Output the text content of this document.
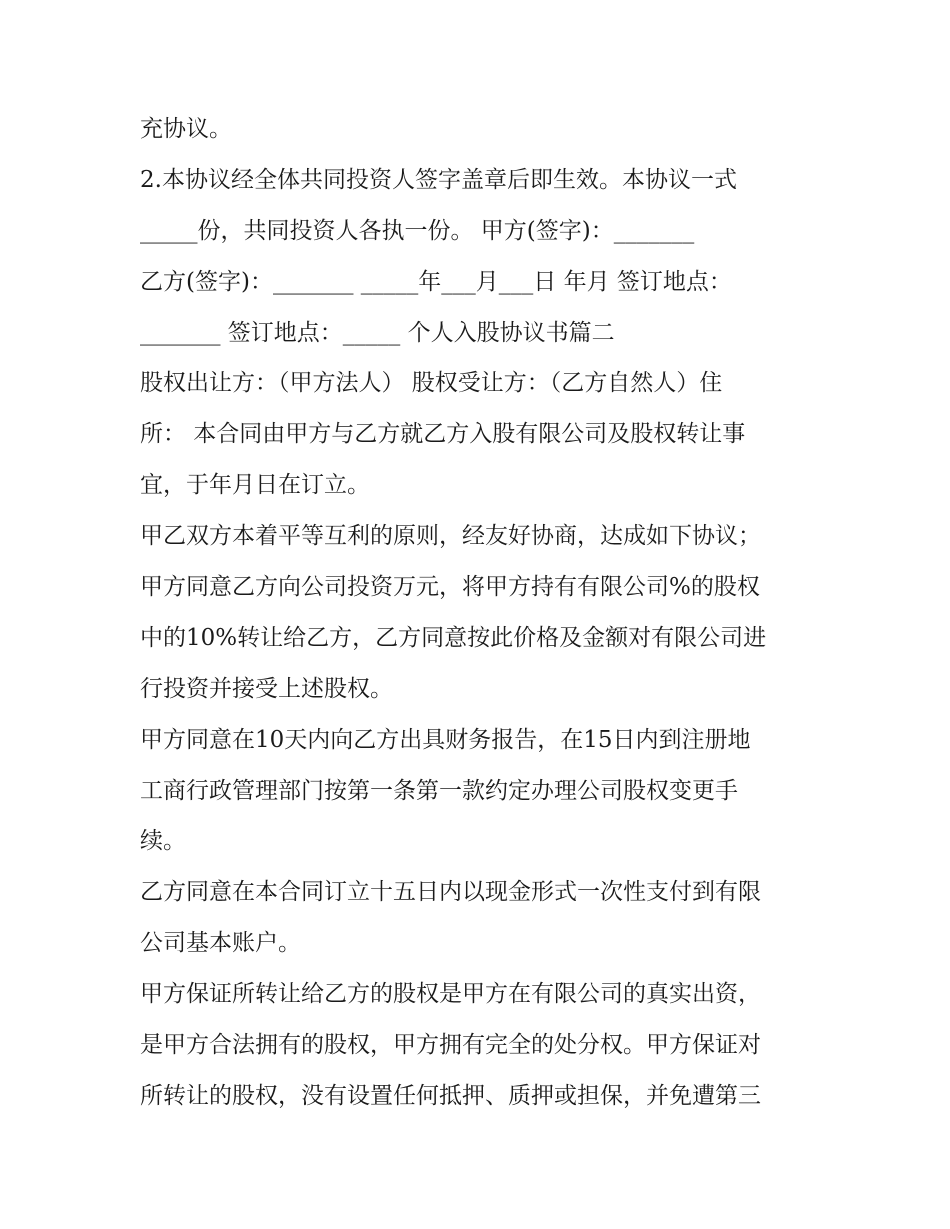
充协议。
2.本协议经全体共同投资人签字盖章后即生效。本协议一式
_____份，共同投资人各执一份。 甲方(签字)：_______
乙方(签字)：_______ _____年___月___日 年月 签订地点：
_______ 签订地点：_____ 个人入股协议书篇二
股权出让方：（甲方法人） 股权受让方：（乙方自然人）住
所： 本合同由甲方与乙方就乙方入股有限公司及股权转让事
宜，于年月日在订立。
甲乙双方本着平等互利的原则，经友好协商，达成如下协议；
甲方同意乙方向公司投资万元，将甲方持有有限公司%的股权
中的10%转让给乙方，乙方同意按此价格及金额对有限公司进
行投资并接受上述股权。
甲方同意在10天内向乙方出具财务报告，在15日内到注册地
工商行政管理部门按第一条第一款约定办理公司股权变更手
续。
乙方同意在本合同订立十五日内以现金形式一次性支付到有限
公司基本账户。
甲方保证所转让给乙方的股权是甲方在有限公司的真实出资，
是甲方合法拥有的股权，甲方拥有完全的处分权。甲方保证对
所转让的股权，没有设置任何抵押、质押或担保，并免遭第三
